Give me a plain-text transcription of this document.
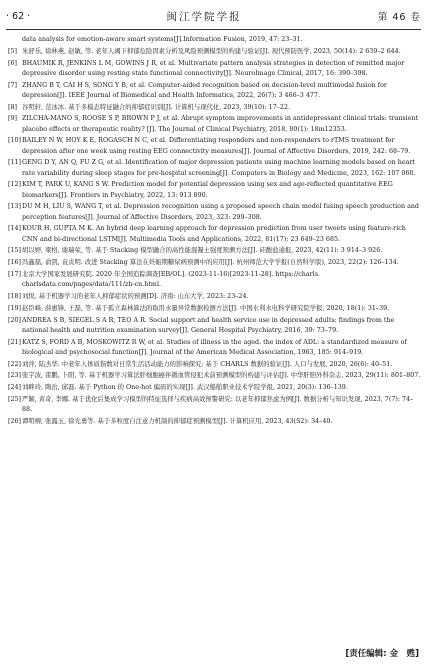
· 62 ·	闽江学院学报	第 46 卷
data analysis for emotion-aware smart systems[J].Information Fusion, 2019, 47: 23–31.
[5] 朱舒乐, 徐林燕, 赵敏, 等. 老年人阈下抑郁危险因素分析及风险预测模型的构建与验证[J]. 现代预防医学, 2023, 50(14): 2 639–2 644.
[6] BHAUMIK R, JENKINS L M, GOWINS J R, et al. Multivariate pattern analysis strategies in detection of remitted major depressive disorder using resting state functional connectivity[J]. NeuroImage Clinical, 2017, 16: 390–398.
[7] ZHANG B T, CAI H S, SONG Y B, et al. Computer-aided recognition based on decision-level multimodal fusion for depression[J]. IEEE Journal of Biomedical and Health Informatics, 2022, 26(7): 3 466–3 477.
[8] 谷明轩, 范冰冰. 基于多模态特征融合的抑郁症识别[J]. 计算机与现代化, 2023, 39(10): 17–22.
[9] ZILCHA-MANO S, ROOSE S P, BROWN P J, et al. Abrupt symptom improvements in antidepressant clinical trials: transient placebo effects or therapeutic reality? [J]. The Journal of Clinical Psychiatry, 2018, 80(1): 18m12353.
[10] BAILEY N W, HOY K E, ROGASCH N C, et al. Differentiating responders and non-responders to rTMS treatment for depression after one week using resting EEG connectivity measures[J]. Journal of Affective Disorders, 2019, 242: 68–79.
[11] GENG D Y, AN Q, FU Z G, et al. Identification of major depression patients using machine learning models based on heart rate variability during sleep stages for pre-hospital screening[J]. Computers in Biology and Medicine, 2023, 162: 107 060.
[12] KIM T, PARK U, KANG S W. Prediction model for potential depression using sex and age-reflected quantitative EEG biomarkers[J]. Frontiers in Psychiatry, 2022, 13: 913 890.
[13] DU M H, LIU S, WANG T, et al. Depression recognition using a proposed speech chain model fusing speech production and perception features[J]. Journal of Affective Disorders, 2023, 323: 299–308.
[14] KOUR H, GUPTA M K. An hybrid deep learning approach for depression prediction from user tweets using feature-rich CNN and bi-directional LSTM[J]. Multimedia Tools and Applications, 2022, 81(17): 23 649–23 685.
[15] 胡以婷, 梁格, 谢瑞荣, 等. 基于 Stacking 模型融合的高性能混凝土强度预测方法[J]. 硅酸盐通报, 2023, 42(11): 3 914–3 926.
[16] 冯鑫磊, 俞凯, 袁贞明. 改进 Stacking 算法在妊娠期糖尿病预测中的应用[J]. 杭州师范大学学报(自然科学版), 2023, 22(2): 126–134.
[17] 北京大学国家发展研究院. 2020 年全国追踪调查[EB/OL]. (2023-11-16)[2023-11-28]. https://charls. charlsdata.com/pages/data/111/zh-cn.html.
[18] 刘悦. 基于机器学习的老年人抑郁症状的预测[D]. 济南: 山东大学, 2023: 23–24.
[19] 赵臣峰, 薛惠锋, 王磊, 等. 基于孤立森林算法的取用水量异常数据检测方法[J]. 中国水利水电科学研究院学报, 2020, 18(1): 31–39.
[20] ANDREA S B, SIEGEL S A R, TEO A R. Social support and health service use in depressed adults: findings from the national health and nutrition examination survey[J]. General Hospital Psychiatry, 2016, 39: 73–79.
[21] KATZ S, FORD A B, MOSKOWITZ R W, et al. Studies of illness in the aged. the index of ADL: a standardized measure of biological and psychosocial function[J]. Journal of the American Medical Association, 1963, 185: 914–919.
[22] 刘萍, 陆杰华. 中老年人体质指数对日常生活活动能力的影响探究: 基于 CHARLS 数据的验证[J]. 人口与发展, 2020, 26(6): 40–51.
[23] 张宇波, 雷鹏, 卜阳, 等. 基于机器学习算法肝细胞癌伴微血管侵犯术前预测模型的构建与评估[J]. 中华肝胆外科杂志, 2023, 29(11): 801–807.
[24] 刘畔玲, 陶治, 邱磊. 基于 Python 的 One-hot 编码的实现[J]. 武汉船舶职业技术学院学报, 2021, 20(3): 136–139.
[25] 严颖, 黄奇, 李娜. 基于优化后集成学习模型的特征选择与疾病高效预警研究: 以老年抑郁焦虑为例[J]. 数据分析与知识发现, 2023, 7(7): 74–88.
[26] 谭明柳, 张露玉, 徐光勇等. 基于多粒度自注意力机制的抑郁症预测模型[J]. 计算机应用, 2023, 43(S2): 34–40.
[责任编辑: 金　甦]
